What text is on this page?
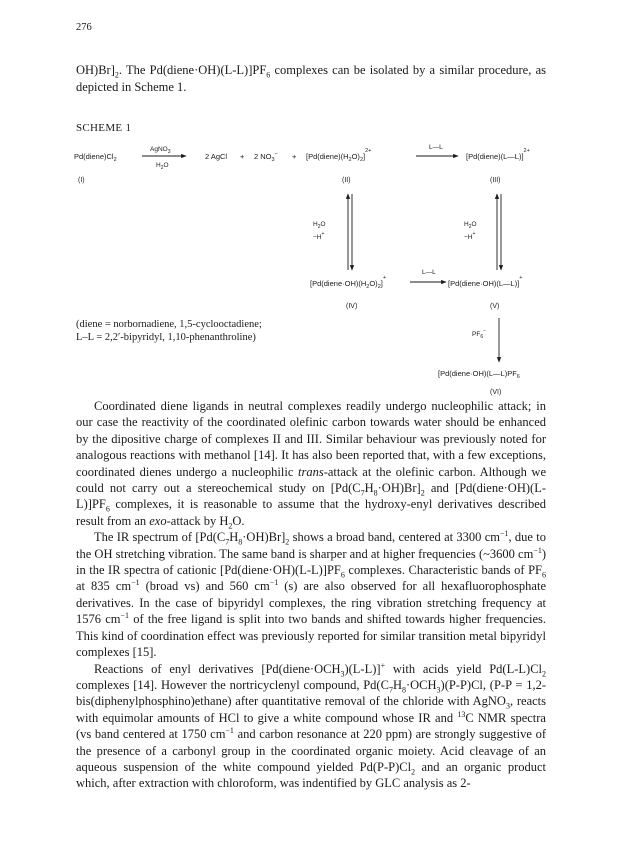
276

$OH)Br]_2$. The $Pd(diene\cdot OH)(L-L)]PF_6$ complexes can be isolated by a similar procedure, as depicted in Scheme 1.

SCHEME 1
$Pd(diene)Cl_2$
AgNO$_3$
$H_2O$
2 AgCl + 2 $NO_3^-$ + $[Pd(diene)(H_2O)_2]^{2+}$	L—L
[Pd(diene)(L—L)]$^{2+}$
(I)	(II)	(III)
$H_2O$
−H+
$H_2O$
−H+
$[Pd(diene\cdot OH)(H_2O)_2]^+$
L—L
[Pd(diene·OH)(L—L)]+
(IV)	(V)
$PF_6^-$
[$Pd(diene\cdot OH)(L—L)PF_6$
(VI)
(diene = norbornadiene, 1,5-cyclooctadiene;
L–L = 2,2′-bipyridyl, 1,10-phenanthroline)

Coordinated diene ligands in neutral complexes readily undergo nucleophilic attack; in our case the reactivity of the coordinated olefinic carbon towards water should be enhanced by the dipositive charge of complexes II and III. Similar behaviour was previously noted for analogous reactions with methanol [14]. It has also been reported that, with a few exceptions, coordinated dienes undergo a nucleophilic trans-attack at the olefinic carbon. Although we could not carry out a stereochemical study on $[Pd(C_7H_8\cdot OH)Br]_2$ and $[Pd(diene\cdot OH)(L-L)]PF_6$ complexes, it is reasonable to assume that the hydroxy-enyl derivatives described result from an exo-attack by $H_2O$.

The IR spectrum of $[Pd(C_7H_8\cdot OH)Br]_2$ shows a broad band, centered at 3300 $cm^{-1}$, due to the OH stretching vibration. The same band is sharper and at higher frequencies (~3600 $cm^{-1}$) in the IR spectra of cationic $[Pd(diene\cdot OH)(L-L)]PF_6$ complexes. Characteristic bands of $PF_6$ at 835 $cm^{-1}$ (broad vs) and 560 $cm^{-1}$ (s) are also observed for all hexafluorophosphate derivatives. In the case of bipyridyl complexes, the ring vibration stretching frequency at 1576 $cm^{-1}$ of the free ligand is split into two bands and shifted towards higher frequencies. This kind of coordination effect was previously reported for similar transition metal bipyridyl complexes [15].

Reactions of enyl derivatives $[Pd(diene\cdot OCH_3)(L-L)]^+$ with acids yield $Pd(L-L)Cl_2$ complexes [14]. However the nortricyclenyl compound, $Pd(C_7H_8\cdot OCH_3)(P-P)Cl$, (P-P = 1,2-bis(diphenylphosphino)ethane) after quantitative removal of the chloride with AgNO$_3$, reacts with equimolar amounts of HCl to give a white compound whose IR and $^{13}$C NMR spectra (vs band centered at 1750 $cm^{-1}$ and carbon resonance at 220 ppm) are strongly suggestive of the presence of a carbonyl group in the coordinated organic moiety. Acid cleavage of an aqueous suspension of the white compound yielded $Pd(P-P)Cl_2$ and an organic product which, after extraction with chloroform, was indentified by GLC analysis as 2-
